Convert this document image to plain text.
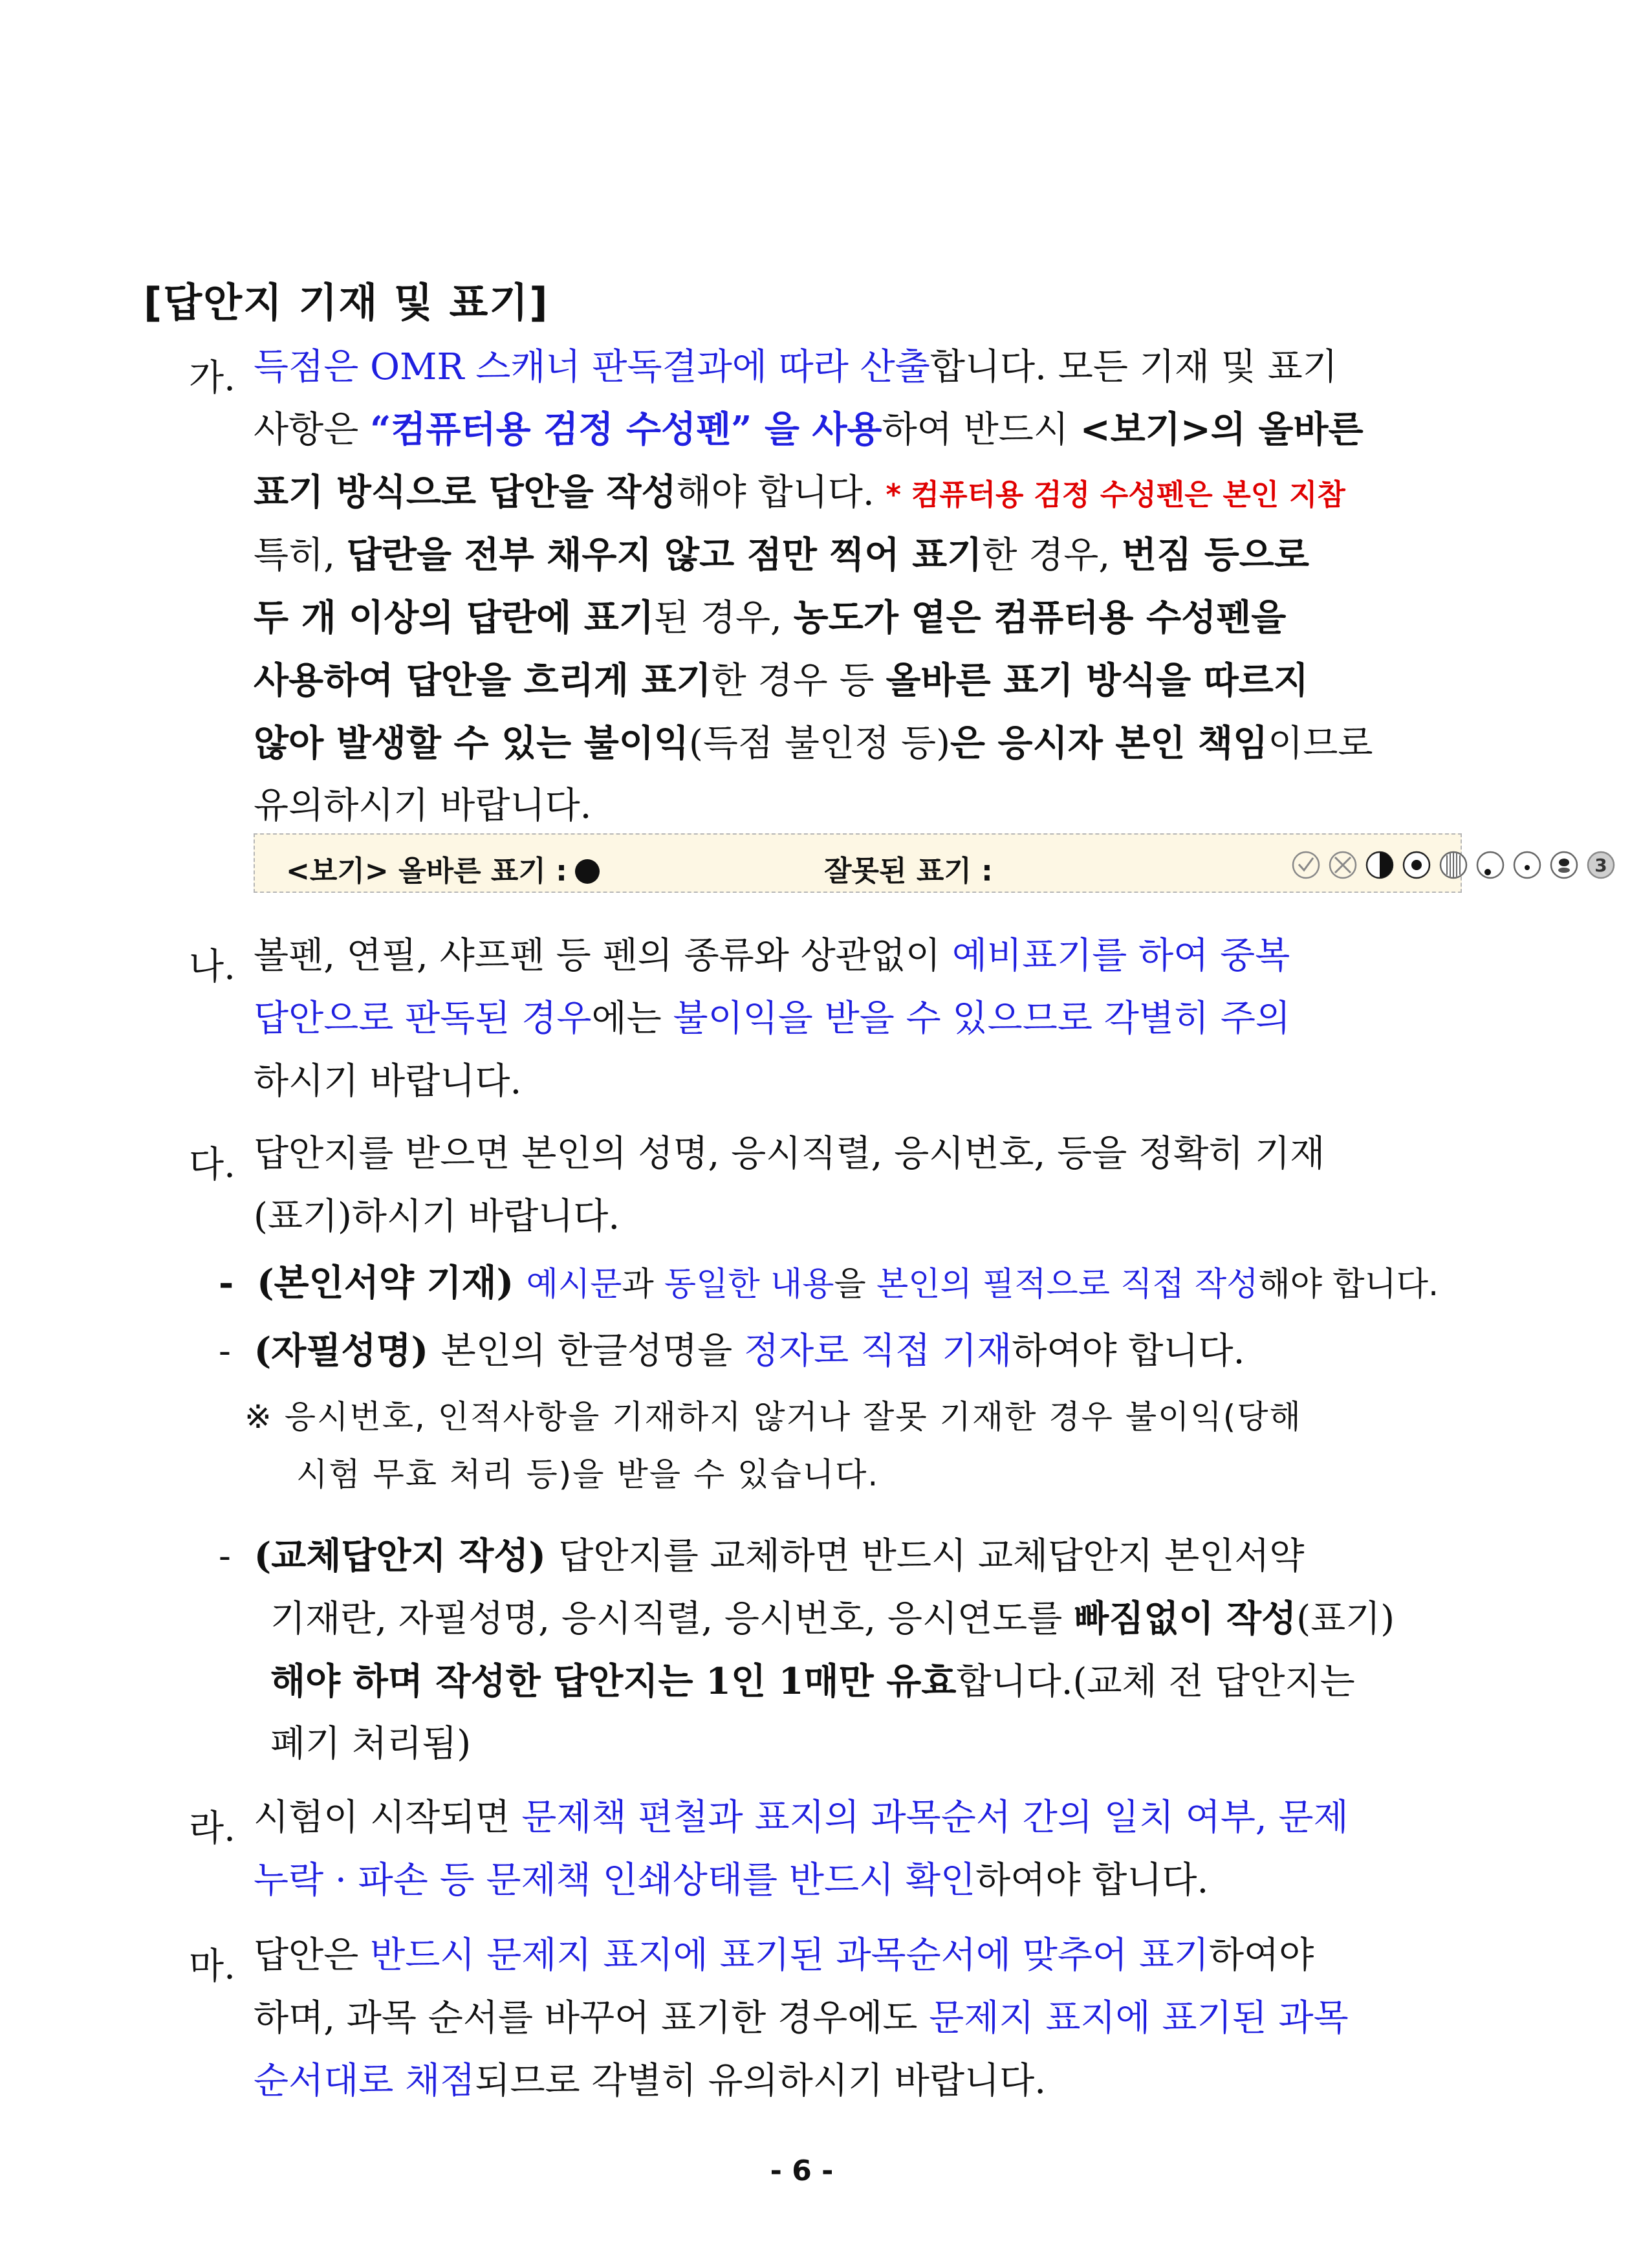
[답안지 기재 및 표기]
가. 득점은 OMR 스캐너 판독결과에 따라 산출합니다. 모든 기재 및 표기
사항은 “컴퓨터용 검정 수성펜” 을 사용하여 반드시 <보기>의 올바른
표기 방식으로 답안을 작성해야 합니다. * 컴퓨터용 검정 수성펜은 본인 지참
특히, 답란을 전부 채우지 않고 점만 찍어 표기한 경우, 번짐 등으로
두 개 이상의 답란에 표기된 경우, 농도가 옅은 컴퓨터용 수성펜을
사용하여 답안을 흐리게 표기한 경우 등 올바른 표기 방식을 따르지
않아 발생할 수 있는 불이익(득점 불인정 등)은 응시자 본인 책임이므로
유의하시기 바랍니다.
<보기> 올바른 표기 :	잘못된 표기 :	3
나. 볼펜, 연필, 샤프펜 등 펜의 종류와 상관없이 예비표기를 하여 중복
답안으로 판독된 경우에는 불이익을 받을 수 있으므로 각별히 주의
하시기 바랍니다.
다. 답안지를 받으면 본인의 성명, 응시직렬, 응시번호, 등을 정확히 기재
(표기)하시기 바랍니다.
- (본인서약 기재) 예시문과 동일한 내용을 본인의 필적으로 직접 작성해야 합니다.
- (자필성명) 본인의 한글성명을 정자로 직접 기재하여야 합니다.
※ 응시번호, 인적사항을 기재하지 않거나 잘못 기재한 경우 불이익(당해
시험 무효 처리 등)을 받을 수 있습니다.
- (교체답안지 작성) 답안지를 교체하면 반드시 교체답안지 본인서약
기재란, 자필성명, 응시직렬, 응시번호, 응시연도를 빠짐없이 작성(표기)
해야 하며 작성한 답안지는 1인 1매만 유효합니다.(교체 전 답안지는
폐기 처리됨)
라. 시험이 시작되면 문제책 편철과 표지의 과목순서 간의 일치 여부, 문제
누락 · 파손 등 문제책 인쇄상태를 반드시 확인하여야 합니다.
마. 답안은 반드시 문제지 표지에 표기된 과목순서에 맞추어 표기하여야
하며, 과목 순서를 바꾸어 표기한 경우에도 문제지 표지에 표기된 과목
순서대로 채점되므로 각별히 유의하시기 바랍니다.
- 6 -
